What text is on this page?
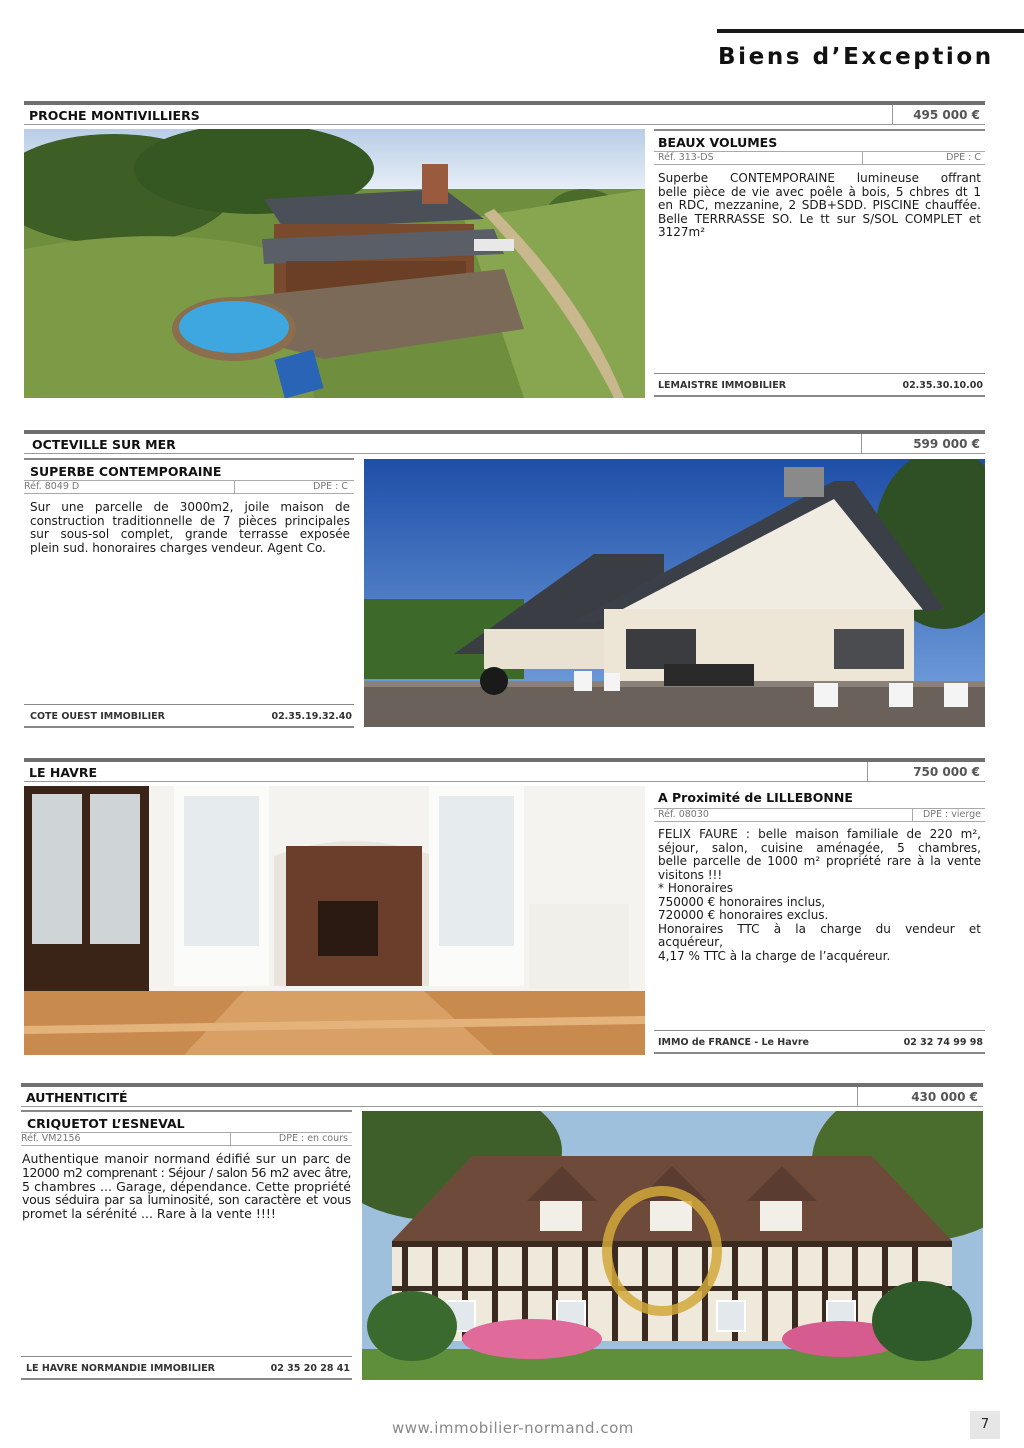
Biens d’Exception
PROCHE MONTIVILLIERS	495 000 €
BEAUX VOLUMES
Réf. 313-DS	DPE : C
Superbe CONTEMPORAINE lumineuse offrant
belle pièce de vie avec poêle à bois, 5 chbres dt 1
en RDC, mezzanine, 2 SDB+SDD. PISCINE chauffée.
Belle TERRRASSE SO. Le tt sur S/SOL COMPLET et
3127m²
LEMAISTRE IMMOBILIER	02.35.30.10.00
OCTEVILLE SUR MER	599 000 €
SUPERBE CONTEMPORAINE
Réf. 8049 D	DPE : C
Sur une parcelle de 3000m2, joile maison de
construction traditionnelle de 7 pièces principales
sur sous-sol complet, grande terrasse exposée
plein sud. honoraires charges vendeur. Agent Co.
COTE OUEST IMMOBILIER	02.35.19.32.40
LE HAVRE	750 000 €
A Proximité de LILLEBONNE
Réf. 08030	DPE : vierge
FELIX FAURE : belle maison familiale de 220 m²,
séjour, salon, cuisine aménagée, 5 chambres,
belle parcelle de 1000 m² propriété rare à la vente
visitons !!!
* Honoraires
750000 € honoraires inclus,
720000 € honoraires exclus.
Honoraires TTC à la charge du vendeur et
acquéreur,
4,17 % TTC à la charge de l’acquéreur.
IMMO de FRANCE - Le Havre	02 32 74 99 98
AUTHENTICITÉ	430 000 €
CRIQUETOT L’ESNEVAL
Réf. VM2156	DPE : en cours
Authentique manoir normand édifié sur un parc de
12000 m2 comprenant : Séjour / salon 56 m2 avec âtre,
5 chambres ... Garage, dépendance. Cette propriété
vous séduira par sa luminosité, son caractère et vous
promet la sérénité ... Rare à la vente !!!!
LE HAVRE NORMANDIE IMMOBILIER	02 35 20 28 41
www.immobilier-normand.com	7
